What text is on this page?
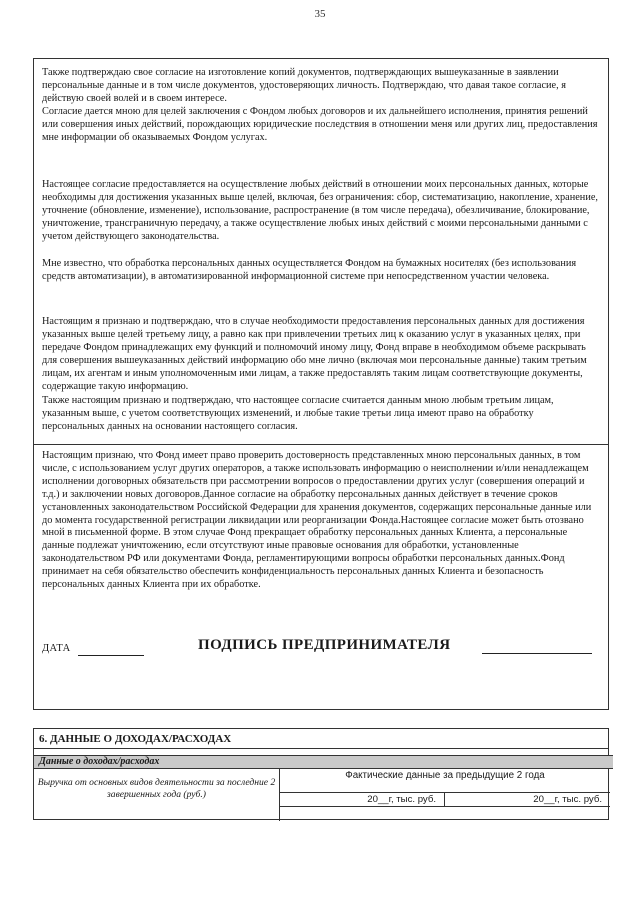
35

Также подтверждаю свое согласие на изготовление копий документов, подтверждающих вышеуказанные в заявлении персональные данные и в том числе документов, удостоверяющих личность. Подтверждаю, что давая такое согласие, я действую своей волей и в своем интересе.

Согласие дается мною для целей заключения с Фондом любых договоров и их дальнейшего исполнения, принятия решений или совершения иных действий, порождающих юридические последствия в отношении меня или других лиц, предоставления мне информации об оказываемых Фондом услугах.

Настоящее согласие предоставляется на осуществление любых действий в отношении моих персональных данных, которые необходимы для достижения указанных выше целей, включая, без ограничения: сбор, систематизацию, накопление, хранение, уточнение (обновление, изменение), использование, распространение (в том числе передача), обезличивание, блокирование, уничтожение, трансграничную передачу, а также осуществление любых иных действий с моими персональными данными с учетом действующего законодательства.

Мне известно, что обработка персональных данных осуществляется Фондом на бумажных носителях (без использования средств автоматизации), в автоматизированной информационной системе при непосредственном участии человека.

Настоящим я признаю и подтверждаю, что в случае необходимости предоставления персональных данных для достижения указанных выше целей третьему лицу, а равно как при привлечении третьих лиц к оказанию услуг в указанных целях, при передаче Фондом принадлежащих ему функций и полномочий иному лицу, Фонд вправе в необходимом объеме раскрывать для совершения вышеуказанных действий информацию обо мне лично (включая мои персональные данные) таким третьим лицам, их агентам и иным уполномоченным ими лицам, а также предоставлять таким лицам соответствующие документы, содержащие такую информацию.

Также настоящим признаю и подтверждаю, что настоящее согласие считается данным мною любым третьим лицам, указанным выше, с учетом соответствующих изменений, и любые такие третьи лица имеют право на обработку персональных данных на основании настоящего согласия.

Настоящим признаю, что Фонд имеет право проверить достоверность представленных мною персональных данных, в том числе, с использованием услуг других операторов, а также использовать информацию о неисполнении и/или ненадлежащем исполнении договорных обязательств при рассмотрении вопросов о предоставлении других услуг (совершения операций и т.д.) и заключении новых договоров.Данное согласие на обработку персональных данных действует в течение сроков установленных законодательством Российской Федерации для хранения документов, содержащих персональные данные или до момента государственной регистрации ликвидации или реорганизации Фонда.Настоящее согласие может быть отозвано мной в письменной форме. В этом случае Фонд прекращает обработку персональных данных Клиента, а персональные данные подлежат уничтожению, если отсутствуют иные правовые основания для обработки, установленные законодательством РФ или документами Фонда, регламентирующими вопросы обработки персональных данных.Фонд принимает на себя обязательство обеспечить конфиденциальность персональных данных Клиента и безопасность персональных данных Клиента при их обработке.

ДАТА	ПОДПИСЬ ПРЕДПРИНИМАТЕЛЯ
6. ДАННЫЕ О ДОХОДАХ/РАСХОДАХ
Данные о доходах/расходах
Выручка от основных видов деятельности за последние 2 завершенных года (руб.)
Фактические данные за предыдущие 2 года
20__г, тыс. руб.	20__г, тыс. руб.
